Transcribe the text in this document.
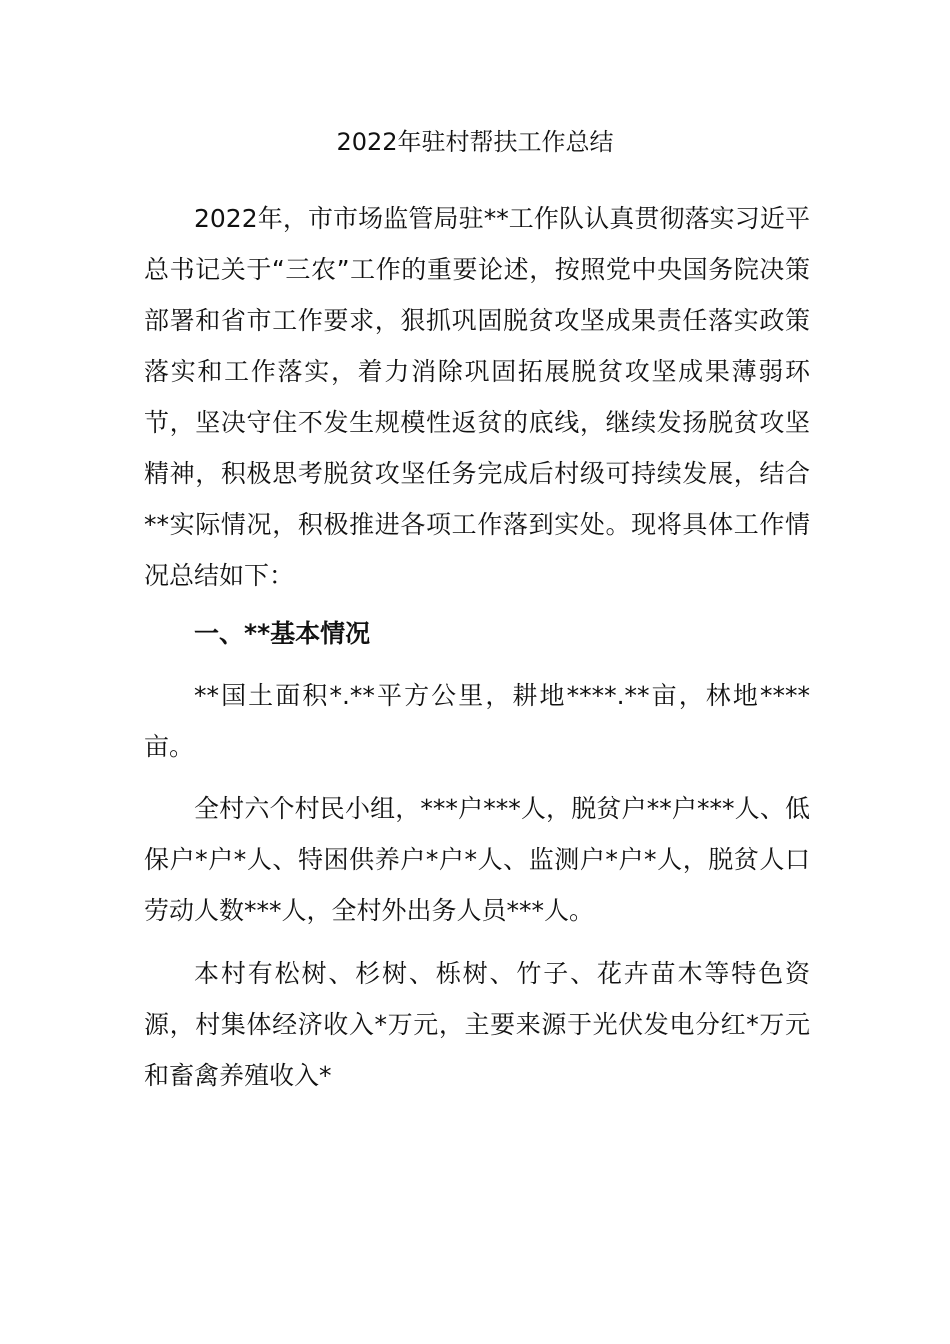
2022年驻村帮扶工作总结

2022年，市市场监管局驻**工作队认真贯彻落实习近平总书记关于“三农”工作的重要论述，按照党中央国务院决策部署和省市工作要求，狠抓巩固脱贫攻坚成果责任落实政策落实和工作落实，着力消除巩固拓展脱贫攻坚成果薄弱环节，坚决守住不发生规模性返贫的底线，继续发扬脱贫攻坚精神，积极思考脱贫攻坚任务完成后村级可持续发展，结合**实际情况，积极推进各项工作落到实处。现将具体工作情况总结如下：

一、**基本情况

**国土面积*.**平方公里，耕地****.**亩，林地****亩。

全村六个村民小组，***户***人，脱贫户**户***人、低保户*户*人、特困供养户*户*人、监测户*户*人，脱贫人口劳动人数***人，全村外出务人员***人。

本村有松树、杉树、栎树、竹子、花卉苗木等特色资源，村集体经济收入*万元，主要来源于光伏发电分红*万元和畜禽养殖收入*
